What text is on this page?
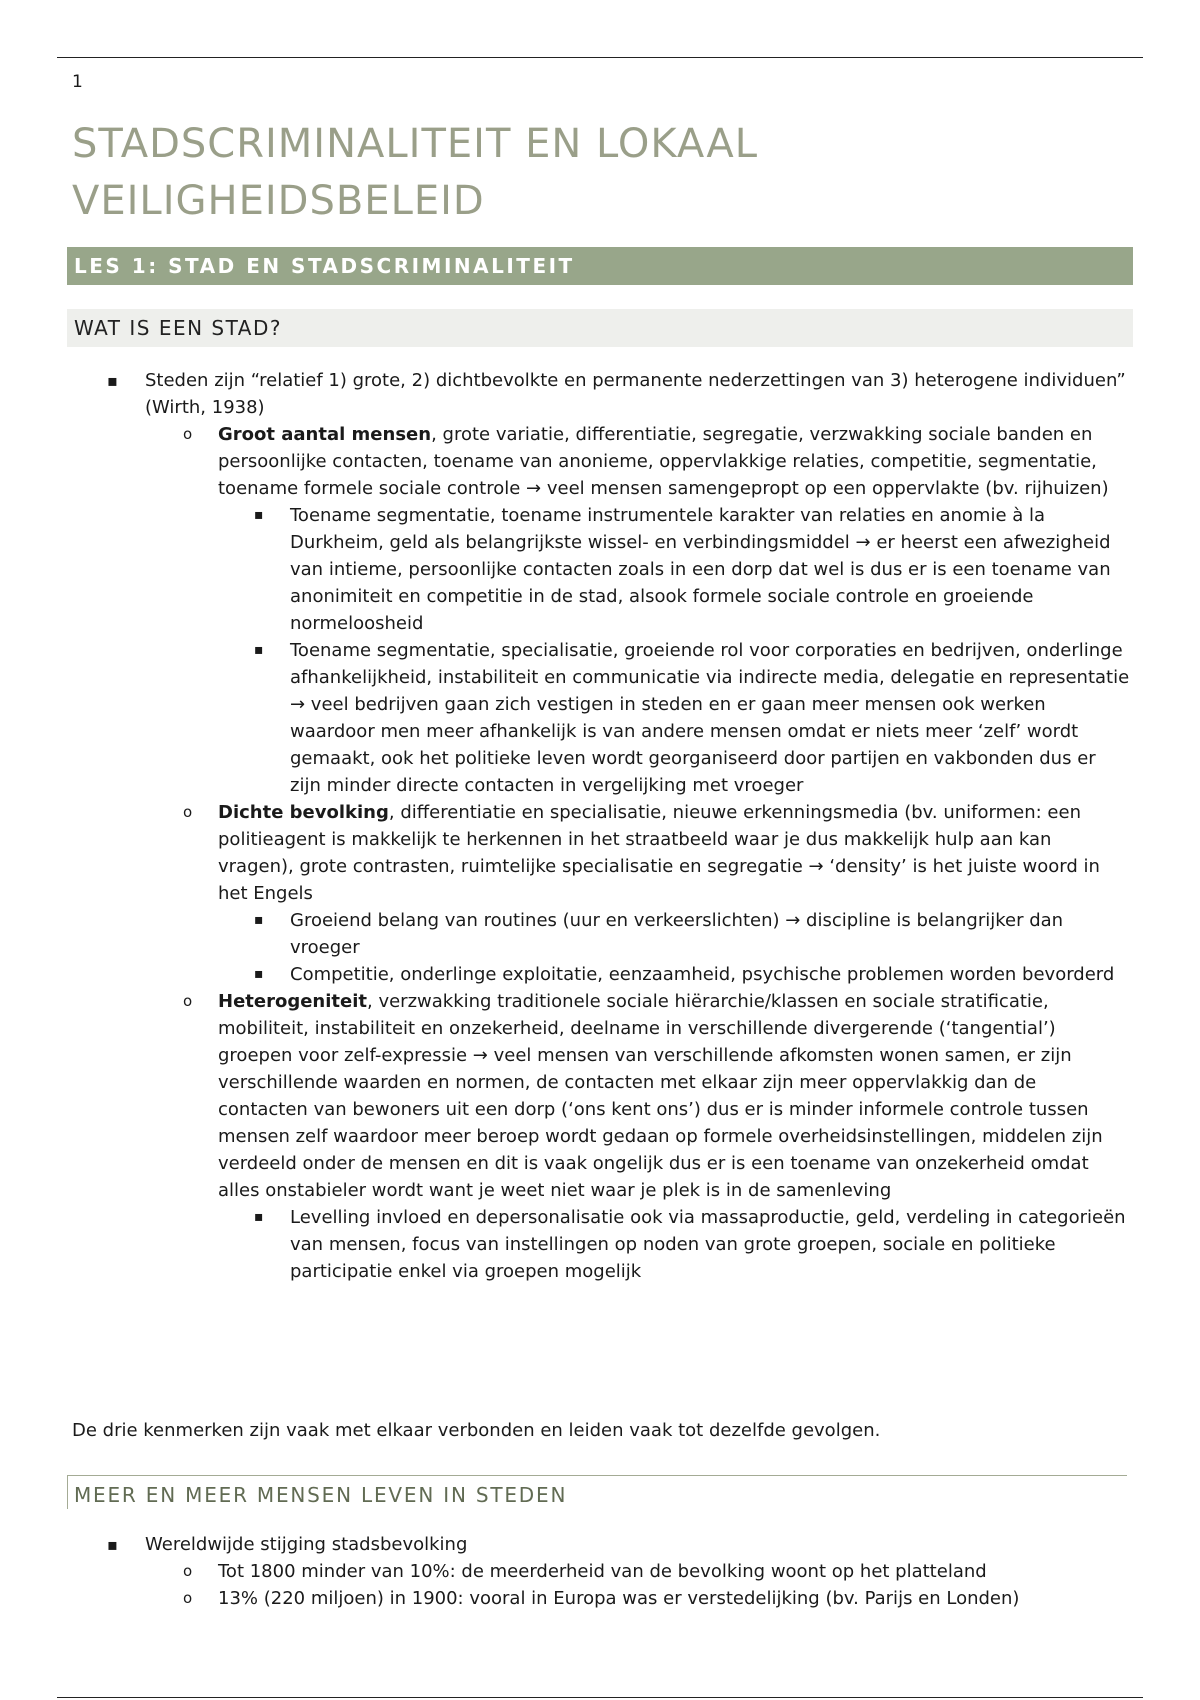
1
STADSCRIMINALITEIT EN LOKAAL
VEILIGHEIDSBELEID
LES 1: STAD EN STADSCRIMINALITEIT
WAT IS EEN STAD?
▪ Steden zijn “relatief 1) grote, 2) dichtbevolkte en permanente nederzettingen van 3) heterogene individuen” (Wirth, 1938)
o Groot aantal mensen, grote variatie, differentiatie, segregatie, verzwakking sociale banden en persoonlijke contacten, toename van anonieme, oppervlakkige relaties, competitie, segmentatie, toename formele sociale controle → veel mensen samengepropt op een oppervlakte (bv. rijhuizen)
▪ Toename segmentatie, toename instrumentele karakter van relaties en anomie à la Durkheim, geld als belangrijkste wissel- en verbindingsmiddel → er heerst een afwezigheid van intieme, persoonlijke contacten zoals in een dorp dat wel is dus er is een toename van anonimiteit en competitie in de stad, alsook formele sociale controle en groeiende normeloosheid
▪ Toename segmentatie, specialisatie, groeiende rol voor corporaties en bedrijven, onderlinge afhankelijkheid, instabiliteit en communicatie via indirecte media, delegatie en representatie → veel bedrijven gaan zich vestigen in steden en er gaan meer mensen ook werken waardoor men meer afhankelijk is van andere mensen omdat er niets meer ‘zelf’ wordt gemaakt, ook het politieke leven wordt georganiseerd door partijen en vakbonden dus er zijn minder directe contacten in vergelijking met vroeger
o Dichte bevolking, differentiatie en specialisatie, nieuwe erkenningsmedia (bv. uniformen: een politieagent is makkelijk te herkennen in het straatbeeld waar je dus makkelijk hulp aan kan vragen), grote contrasten, ruimtelijke specialisatie en segregatie → ‘density’ is het juiste woord in het Engels
▪ Groeiend belang van routines (uur en verkeerslichten) → discipline is belangrijker dan vroeger
▪ Competitie, onderlinge exploitatie, eenzaamheid, psychische problemen worden bevorderd
o Heterogeniteit, verzwakking traditionele sociale hiërarchie/klassen en sociale stratificatie, mobiliteit, instabiliteit en onzekerheid, deelname in verschillende divergerende (‘tangential’) groepen voor zelf-expressie → veel mensen van verschillende afkomsten wonen samen, er zijn verschillende waarden en normen, de contacten met elkaar zijn meer oppervlakkig dan de contacten van bewoners uit een dorp (‘ons kent ons’) dus er is minder informele controle tussen mensen zelf waardoor meer beroep wordt gedaan op formele overheidsinstellingen, middelen zijn verdeeld onder de mensen en dit is vaak ongelijk dus er is een toename van onzekerheid omdat alles onstabieler wordt want je weet niet waar je plek is in de samenleving
▪ Levelling invloed en depersonalisatie ook via massaproductie, geld, verdeling in categorieën van mensen, focus van instellingen op noden van grote groepen, sociale en politieke participatie enkel via groepen mogelijk
De drie kenmerken zijn vaak met elkaar verbonden en leiden vaak tot dezelfde gevolgen.
MEER EN MEER MENSEN LEVEN IN STEDEN
▪ Wereldwijde stijging stadsbevolking
o Tot 1800 minder van 10%: de meerderheid van de bevolking woont op het platteland
o 13% (220 miljoen) in 1900: vooral in Europa was er verstedelijking (bv. Parijs en Londen)
